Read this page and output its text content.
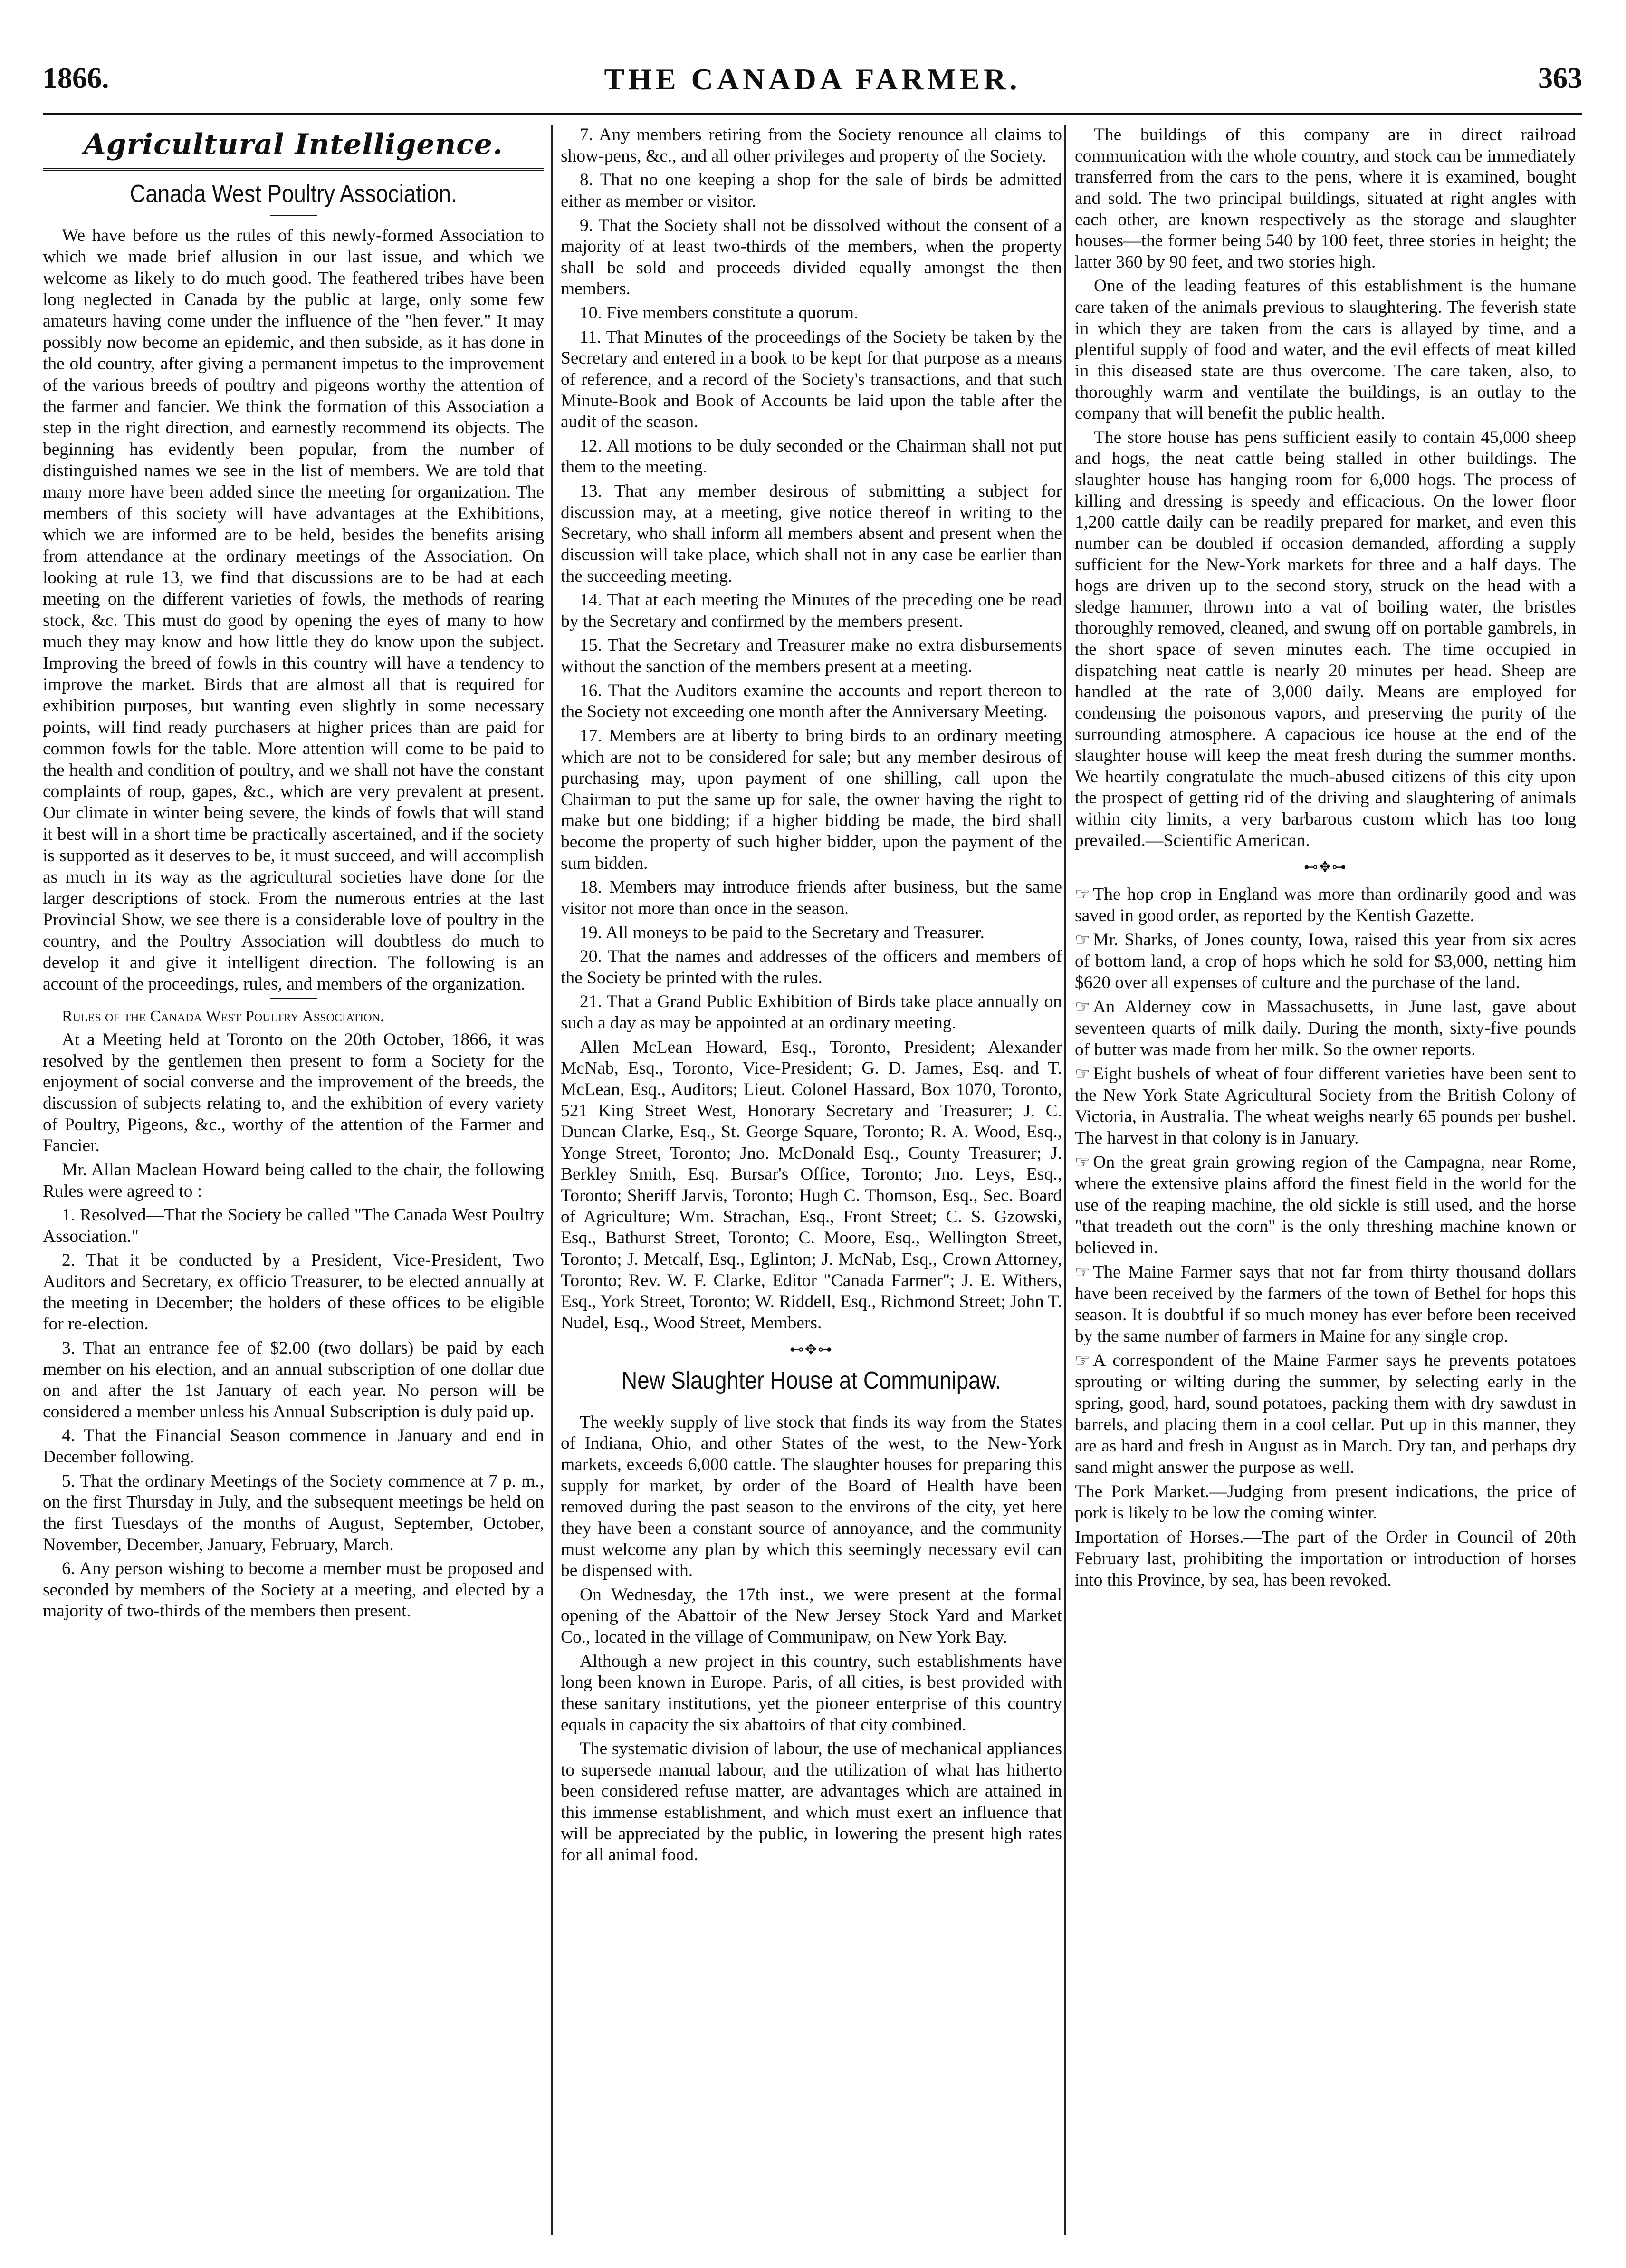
1866.	THE CANADA FARMER.	363
Agricultural Intelligence.
Canada West Poultry Association.

We have before us the rules of this newly-formed Association to which we made brief allusion in our last issue, and which we welcome as likely to do much good. The feathered tribes have been long neglected in Canada by the public at large, only some few amateurs having come under the influence of the "hen fever." It may possibly now become an epidemic, and then subside, as it has done in the old country, after giving a permanent impetus to the improvement of the various breeds of poultry and pigeons worthy the attention of the farmer and fancier. We think the formation of this Association a step in the right direction, and earnestly recommend its objects. The beginning has evidently been popular, from the number of distinguished names we see in the list of members. We are told that many more have been added since the meeting for organization. The members of this society will have advantages at the Exhibitions, which we are informed are to be held, besides the benefits arising from attendance at the ordinary meetings of the Association. On looking at rule 13, we find that discussions are to be had at each meeting on the different varieties of fowls, the methods of rearing stock, &c. This must do good by opening the eyes of many to how much they may know and how little they do know upon the subject. Improving the breed of fowls in this country will have a tendency to improve the market. Birds that are almost all that is required for exhibition purposes, but wanting even slightly in some necessary points, will find ready purchasers at higher prices than are paid for common fowls for the table. More attention will come to be paid to the health and condition of poultry, and we shall not have the constant complaints of roup, gapes, &c., which are very prevalent at present. Our climate in winter being severe, the kinds of fowls that will stand it best will in a short time be practically ascertained, and if the society is supported as it deserves to be, it must succeed, and will accomplish as much in its way as the agricultural societies have done for the larger descriptions of stock. From the numerous entries at the last Provincial Show, we see there is a considerable love of poultry in the country, and the Poultry Association will doubtless do much to develop it and give it intelligent direction. The following is an account of the proceedings, rules, and members of the organization.

Rules of the Canada West Poultry Association.

At a Meeting held at Toronto on the 20th October, 1866, it was resolved by the gentlemen then present to form a Society for the enjoyment of social converse and the improvement of the breeds, the discussion of subjects relating to, and the exhibition of every variety of Poultry, Pigeons, &c., worthy of the attention of the Farmer and Fancier.

Mr. Allan Maclean Howard being called to the chair, the following Rules were agreed to :

1. Resolved—That the Society be called "The Canada West Poultry Association."

2. That it be conducted by a President, Vice-President, Two Auditors and Secretary, ex officio Treasurer, to be elected annually at the meeting in December; the holders of these offices to be eligible for re-election.

3. That an entrance fee of $2.00 (two dollars) be paid by each member on his election, and an annual subscription of one dollar due on and after the 1st January of each year. No person will be considered a member unless his Annual Subscription is duly paid up.

4. That the Financial Season commence in January and end in December following.

5. That the ordinary Meetings of the Society commence at 7 p. m., on the first Thursday in July, and the subsequent meetings be held on the first Tuesdays of the months of August, September, October, November, December, January, February, March.

6. Any person wishing to become a member must be proposed and seconded by members of the Society at a meeting, and elected by a majority of two-thirds of the members then present.

7. Any members retiring from the Society renounce all claims to show-pens, &c., and all other privileges and property of the Society.

8. That no one keeping a shop for the sale of birds be admitted either as member or visitor.

9. That the Society shall not be dissolved without the consent of a majority of at least two-thirds of the members, when the property shall be sold and proceeds divided equally amongst the then members.

10. Five members constitute a quorum.

11. That Minutes of the proceedings of the Society be taken by the Secretary and entered in a book to be kept for that purpose as a means of reference, and a record of the Society's transactions, and that such Minute-Book and Book of Accounts be laid upon the table after the audit of the season.

12. All motions to be duly seconded or the Chairman shall not put them to the meeting.

13. That any member desirous of submitting a subject for discussion may, at a meeting, give notice thereof in writing to the Secretary, who shall inform all members absent and present when the discussion will take place, which shall not in any case be earlier than the succeeding meeting.

14. That at each meeting the Minutes of the preceding one be read by the Secretary and confirmed by the members present.

15. That the Secretary and Treasurer make no extra disbursements without the sanction of the members present at a meeting.

16. That the Auditors examine the accounts and report thereon to the Society not exceeding one month after the Anniversary Meeting.

17. Members are at liberty to bring birds to an ordinary meeting which are not to be considered for sale; but any member desirous of purchasing may, upon payment of one shilling, call upon the Chairman to put the same up for sale, the owner having the right to make but one bidding; if a higher bidding be made, the bird shall become the property of such higher bidder, upon the payment of the sum bidden.

18. Members may introduce friends after business, but the same visitor not more than once in the season.

19. All moneys to be paid to the Secretary and Treasurer.

20. That the names and addresses of the officers and members of the Society be printed with the rules.

21. That a Grand Public Exhibition of Birds take place annually on such a day as may be appointed at an ordinary meeting.

Allen McLean Howard, Esq., Toronto, President; Alexander McNab, Esq., Toronto, Vice-President; G. D. James, Esq. and T. McLean, Esq., Auditors; Lieut. Colonel Hassard, Box 1070, Toronto, 521 King Street West, Honorary Secretary and Treasurer; J. C. Duncan Clarke, Esq., St. George Square, Toronto; R. A. Wood, Esq., Yonge Street, Toronto; Jno. McDonald Esq., County Treasurer; J. Berkley Smith, Esq. Bursar's Office, Toronto; Jno. Leys, Esq., Toronto; Sheriff Jarvis, Toronto; Hugh C. Thomson, Esq., Sec. Board of Agriculture; Wm. Strachan, Esq., Front Street; C. S. Gzowski, Esq., Bathurst Street, Toronto; C. Moore, Esq., Wellington Street, Toronto; J. Metcalf, Esq., Eglinton; J. McNab, Esq., Crown Attorney, Toronto; Rev. W. F. Clarke, Editor "Canada Farmer"; J. E. Withers, Esq., York Street, Toronto; W. Riddell, Esq., Richmond Street; John T. Nudel, Esq., Wood Street, Members.

⊷✥⊶
New Slaughter House at Communipaw.

The weekly supply of live stock that finds its way from the States of Indiana, Ohio, and other States of the west, to the New-York markets, exceeds 6,000 cattle. The slaughter houses for preparing this supply for market, by order of the Board of Health have been removed during the past season to the environs of the city, yet here they have been a constant source of annoyance, and the community must welcome any plan by which this seemingly necessary evil can be dispensed with.

On Wednesday, the 17th inst., we were present at the formal opening of the Abattoir of the New Jersey Stock Yard and Market Co., located in the village of Communipaw, on New York Bay.

Although a new project in this country, such establishments have long been known in Europe. Paris, of all cities, is best provided with these sanitary institutions, yet the pioneer enterprise of this country equals in capacity the six abattoirs of that city combined.

The systematic division of labour, the use of mechanical appliances to supersede manual labour, and the utilization of what has hitherto been considered refuse matter, are advantages which are attained in this immense establishment, and which must exert an influence that will be appreciated by the public, in lowering the present high rates for all animal food.

The buildings of this company are in direct railroad communication with the whole country, and stock can be immediately transferred from the cars to the pens, where it is examined, bought and sold. The two principal buildings, situated at right angles with each other, are known respectively as the storage and slaughter houses—the former being 540 by 100 feet, three stories in height; the latter 360 by 90 feet, and two stories high.

One of the leading features of this establishment is the humane care taken of the animals previous to slaughtering. The feverish state in which they are taken from the cars is allayed by time, and a plentiful supply of food and water, and the evil effects of meat killed in this diseased state are thus overcome. The care taken, also, to thoroughly warm and ventilate the buildings, is an outlay to the company that will benefit the public health.

The store house has pens sufficient easily to contain 45,000 sheep and hogs, the neat cattle being stalled in other buildings. The slaughter house has hanging room for 6,000 hogs. The process of killing and dressing is speedy and efficacious. On the lower floor 1,200 cattle daily can be readily prepared for market, and even this number can be doubled if occasion demanded, affording a supply sufficient for the New-York markets for three and a half days. The hogs are driven up to the second story, struck on the head with a sledge hammer, thrown into a vat of boiling water, the bristles thoroughly removed, cleaned, and swung off on portable gambrels, in the short space of seven minutes each. The time occupied in dispatching neat cattle is nearly 20 minutes per head. Sheep are handled at the rate of 3,000 daily. Means are employed for condensing the poisonous vapors, and preserving the purity of the surrounding atmosphere. A capacious ice house at the end of the slaughter house will keep the meat fresh during the summer months. We heartily congratulate the much-abused citizens of this city upon the prospect of getting rid of the driving and slaughtering of animals within city limits, a very barbarous custom which has too long prevailed.—Scientific American.

⊷✥⊶

☞ The hop crop in England was more than ordinarily good and was saved in good order, as reported by the Kentish Gazette.

☞ Mr. Sharks, of Jones county, Iowa, raised this year from six acres of bottom land, a crop of hops which he sold for $3,000, netting him $620 over all expenses of culture and the purchase of the land.

☞ An Alderney cow in Massachusetts, in June last, gave about seventeen quarts of milk daily. During the month, sixty-five pounds of butter was made from her milk. So the owner reports.

☞ Eight bushels of wheat of four different varieties have been sent to the New York State Agricultural Society from the British Colony of Victoria, in Australia. The wheat weighs nearly 65 pounds per bushel. The harvest in that colony is in January.

☞ On the great grain growing region of the Campagna, near Rome, where the extensive plains afford the finest field in the world for the use of the reaping machine, the old sickle is still used, and the horse "that treadeth out the corn" is the only threshing machine known or believed in.

☞ The Maine Farmer says that not far from thirty thousand dollars have been received by the farmers of the town of Bethel for hops this season. It is doubtful if so much money has ever before been received by the same number of farmers in Maine for any single crop.

☞ A correspondent of the Maine Farmer says he prevents potatoes sprouting or wilting during the summer, by selecting early in the spring, good, hard, sound potatoes, packing them with dry sawdust in barrels, and placing them in a cool cellar. Put up in this manner, they are as hard and fresh in August as in March. Dry tan, and perhaps dry sand might answer the purpose as well.

The Pork Market.—Judging from present indications, the price of pork is likely to be low the coming winter.

Importation of Horses.—The part of the Order in Council of 20th February last, prohibiting the importation or introduction of horses into this Province, by sea, has been revoked.
